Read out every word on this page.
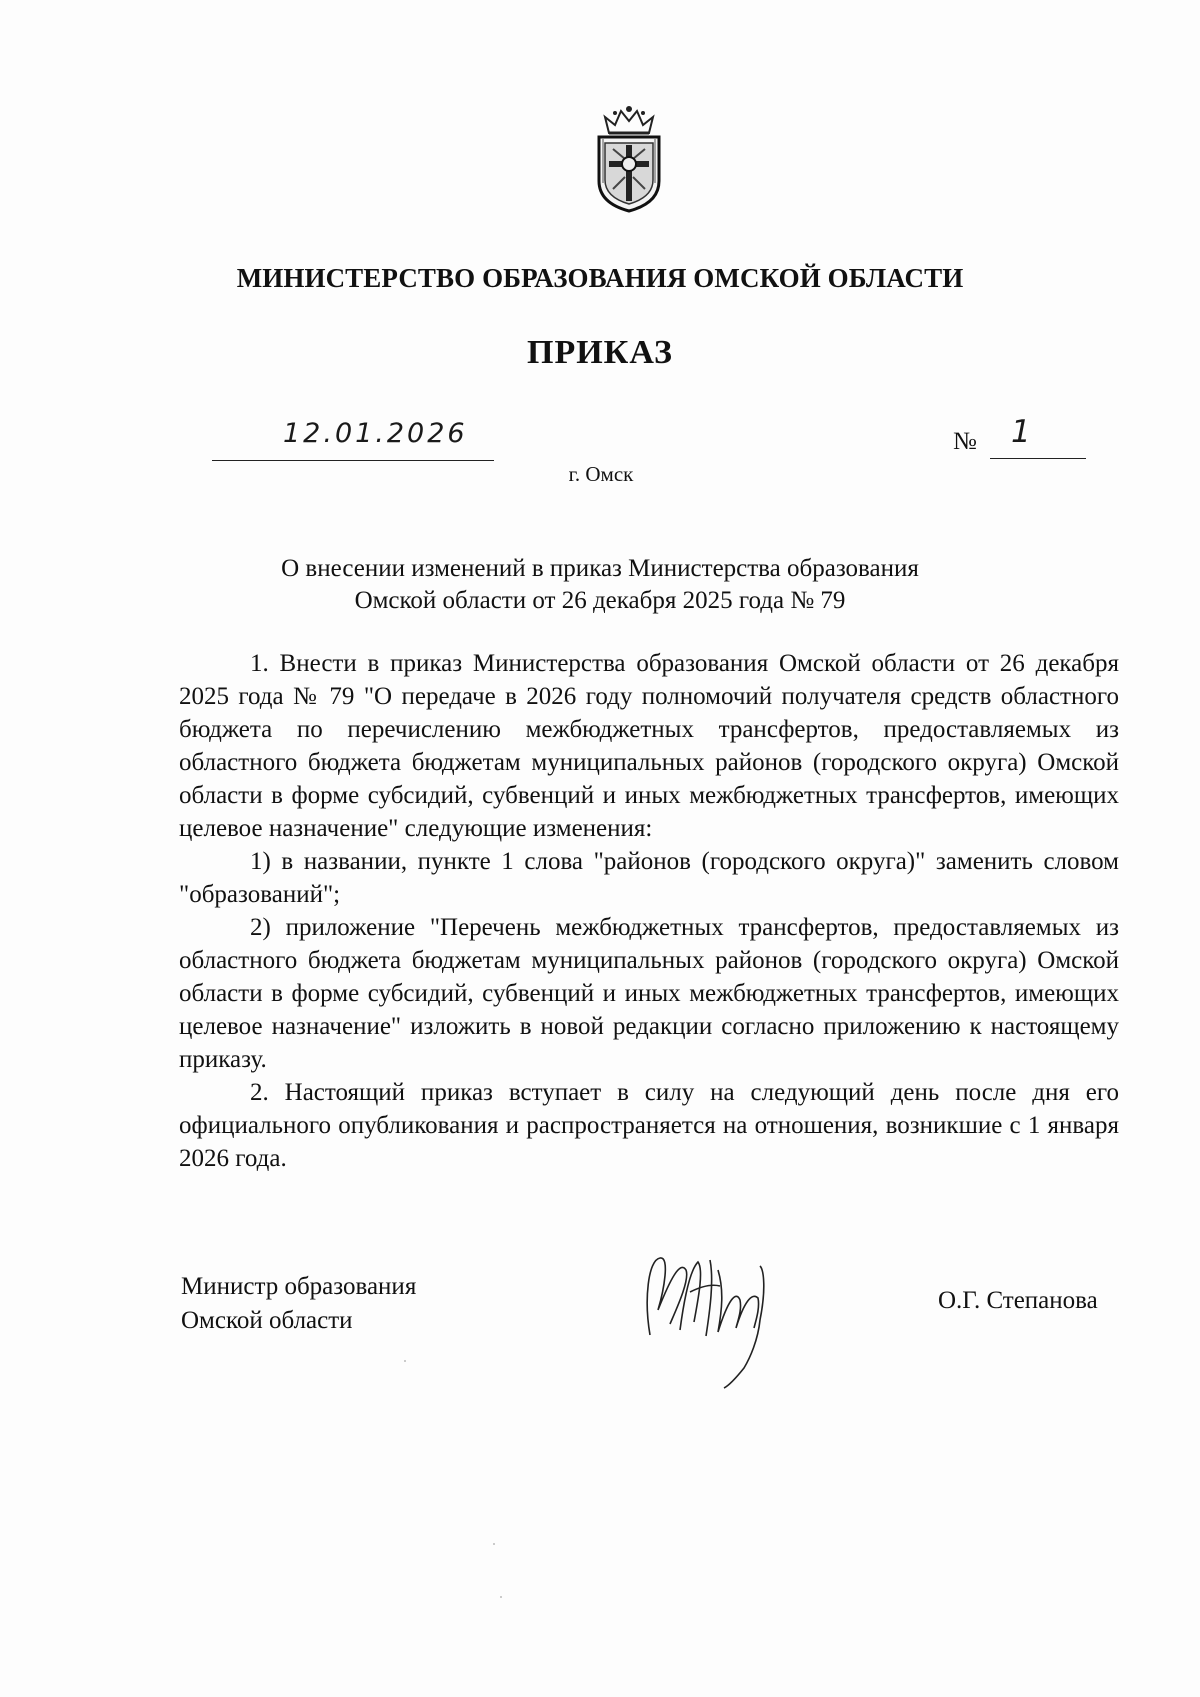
МИНИСТЕРСТВО ОБРАЗОВАНИЯ ОМСКОЙ ОБЛАСТИ
ПРИКАЗ
12.01.2026	№ 1
г. Омск
О внесении изменений в приказ Министерства образования
Омской области от 26 декабря 2025 года № 79

1. Внести в приказ Министерства образования Омской области от 26 декабря 2025 года № 79 "О передаче в 2026 году полномочий получателя средств областного бюджета по перечислению межбюджетных трансфертов, предоставляемых из областного бюджета бюджетам муниципальных районов (городского округа) Омской области в форме субсидий, субвенций и иных межбюджетных трансфертов, имеющих целевое назначение" следующие изменения:

1) в названии, пункте 1 слова "районов (городского округа)" заменить словом "образований";

2) приложение "Перечень межбюджетных трансфертов, предоставляемых из областного бюджета бюджетам муниципальных районов (городского округа) Омской области в форме субсидий, субвенций и иных межбюджетных трансфертов, имеющих целевое назначение" изложить в новой редакции согласно приложению к настоящему приказу.

2. Настоящий приказ вступает в силу на следующий день после дня его официального опубликования и распространяется на отношения, возникшие с 1 января 2026 года.

Министр образования
Омской области
О.Г. Степанова
